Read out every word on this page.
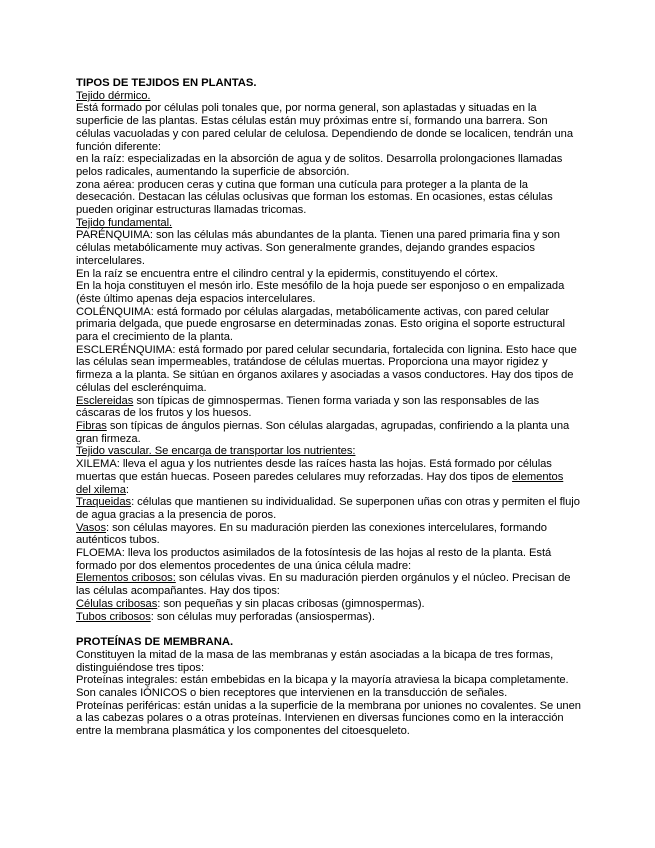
TIPOS DE TEJIDOS EN PLANTAS.

Tejido dérmico.

Está formado por células poli tonales que, por norma general, son aplastadas y situadas en la superficie de las plantas. Estas células están muy próximas entre sí, formando una barrera. Son células vacuoladas y con pared celular de celulosa. Dependiendo de donde se localicen, tendrán una función diferente:

en la raíz: especializadas en la absorción de agua y de solitos. Desarrolla prolongaciones llamadas pelos radicales, aumentando la superficie de absorción.

zona aérea: producen ceras y cutina que forman una cutícula para proteger a la planta de la desecación. Destacan las células oclusivas que forman los estomas. En ocasiones, estas células pueden originar estructuras llamadas tricomas.

Tejido fundamental.

PARÉNQUIMA: son las células más abundantes de la planta. Tienen una pared primaria fina y son células metabólicamente muy activas. Son generalmente grandes, dejando grandes espacios intercelulares.

En la raíz se encuentra entre el cilindro central y la epidermis, constituyendo el córtex.

En la hoja constituyen el mesón irlo. Este mesófilo de la hoja puede ser esponjoso o en empalizada (éste último apenas deja espacios intercelulares.

COLÉNQUIMA: está formado por células alargadas, metabólicamente activas, con pared celular primaria delgada, que puede engrosarse en determinadas zonas. Esto origina el soporte estructural para el crecimiento de la planta.

ESCLERÉNQUIMA: está formado por pared celular secundaria, fortalecida con lignina. Esto hace que las células sean impermeables, tratándose de células muertas. Proporciona una mayor rigidez y firmeza a la planta. Se sitúan en órganos axilares y asociadas a vasos conductores. Hay dos tipos de células del esclerénquima.

Esclereidas son típicas de gimnospermas. Tienen forma variada y son las responsables de las cáscaras de los frutos y los huesos.

Fibras son típicas de ángulos piernas. Son células alargadas, agrupadas, confiriendo a la planta una gran firmeza.

Tejido vascular. Se encarga de transportar los nutrientes:

XILEMA: lleva el agua y los nutrientes desde las raíces hasta las hojas. Está formado por células muertas que están huecas. Poseen paredes celulares muy reforzadas. Hay dos tipos de elementos del xilema:

Traqueidas: células que mantienen su individualidad. Se superponen uñas con otras y permiten el flujo de agua gracias a la presencia de poros.

Vasos: son células mayores. En su maduración pierden las conexiones intercelulares, formando auténticos tubos.

FLOEMA: lleva los productos asimilados de la fotosíntesis de las hojas al resto de la planta. Está formado por dos elementos procedentes de una única célula madre:

Elementos cribosos: son células vivas. En su maduración pierden orgánulos y el núcleo. Precisan de las células acompañantes. Hay dos tipos:

Células cribosas: son pequeñas y sin placas cribosas (gimnospermas).

Tubos cribosos: son células muy perforadas (ansiospermas).

PROTEÍNAS DE MEMBRANA.

Constituyen la mitad de la masa de las membranas y están asociadas a la bicapa de tres formas, distinguiéndose tres tipos:

Proteínas integrales: están embebidas en la bicapa y la mayoría atraviesa la bicapa completamente. Son canales IÓNICOS o bien receptores que intervienen en la transducción de señales.

Proteínas periféricas: están unidas a la superficie de la membrana por uniones no covalentes. Se unen a las cabezas polares o a otras proteínas. Intervienen en diversas funciones como en la interacción entre la membrana plasmática y los componentes del citoesqueleto.
